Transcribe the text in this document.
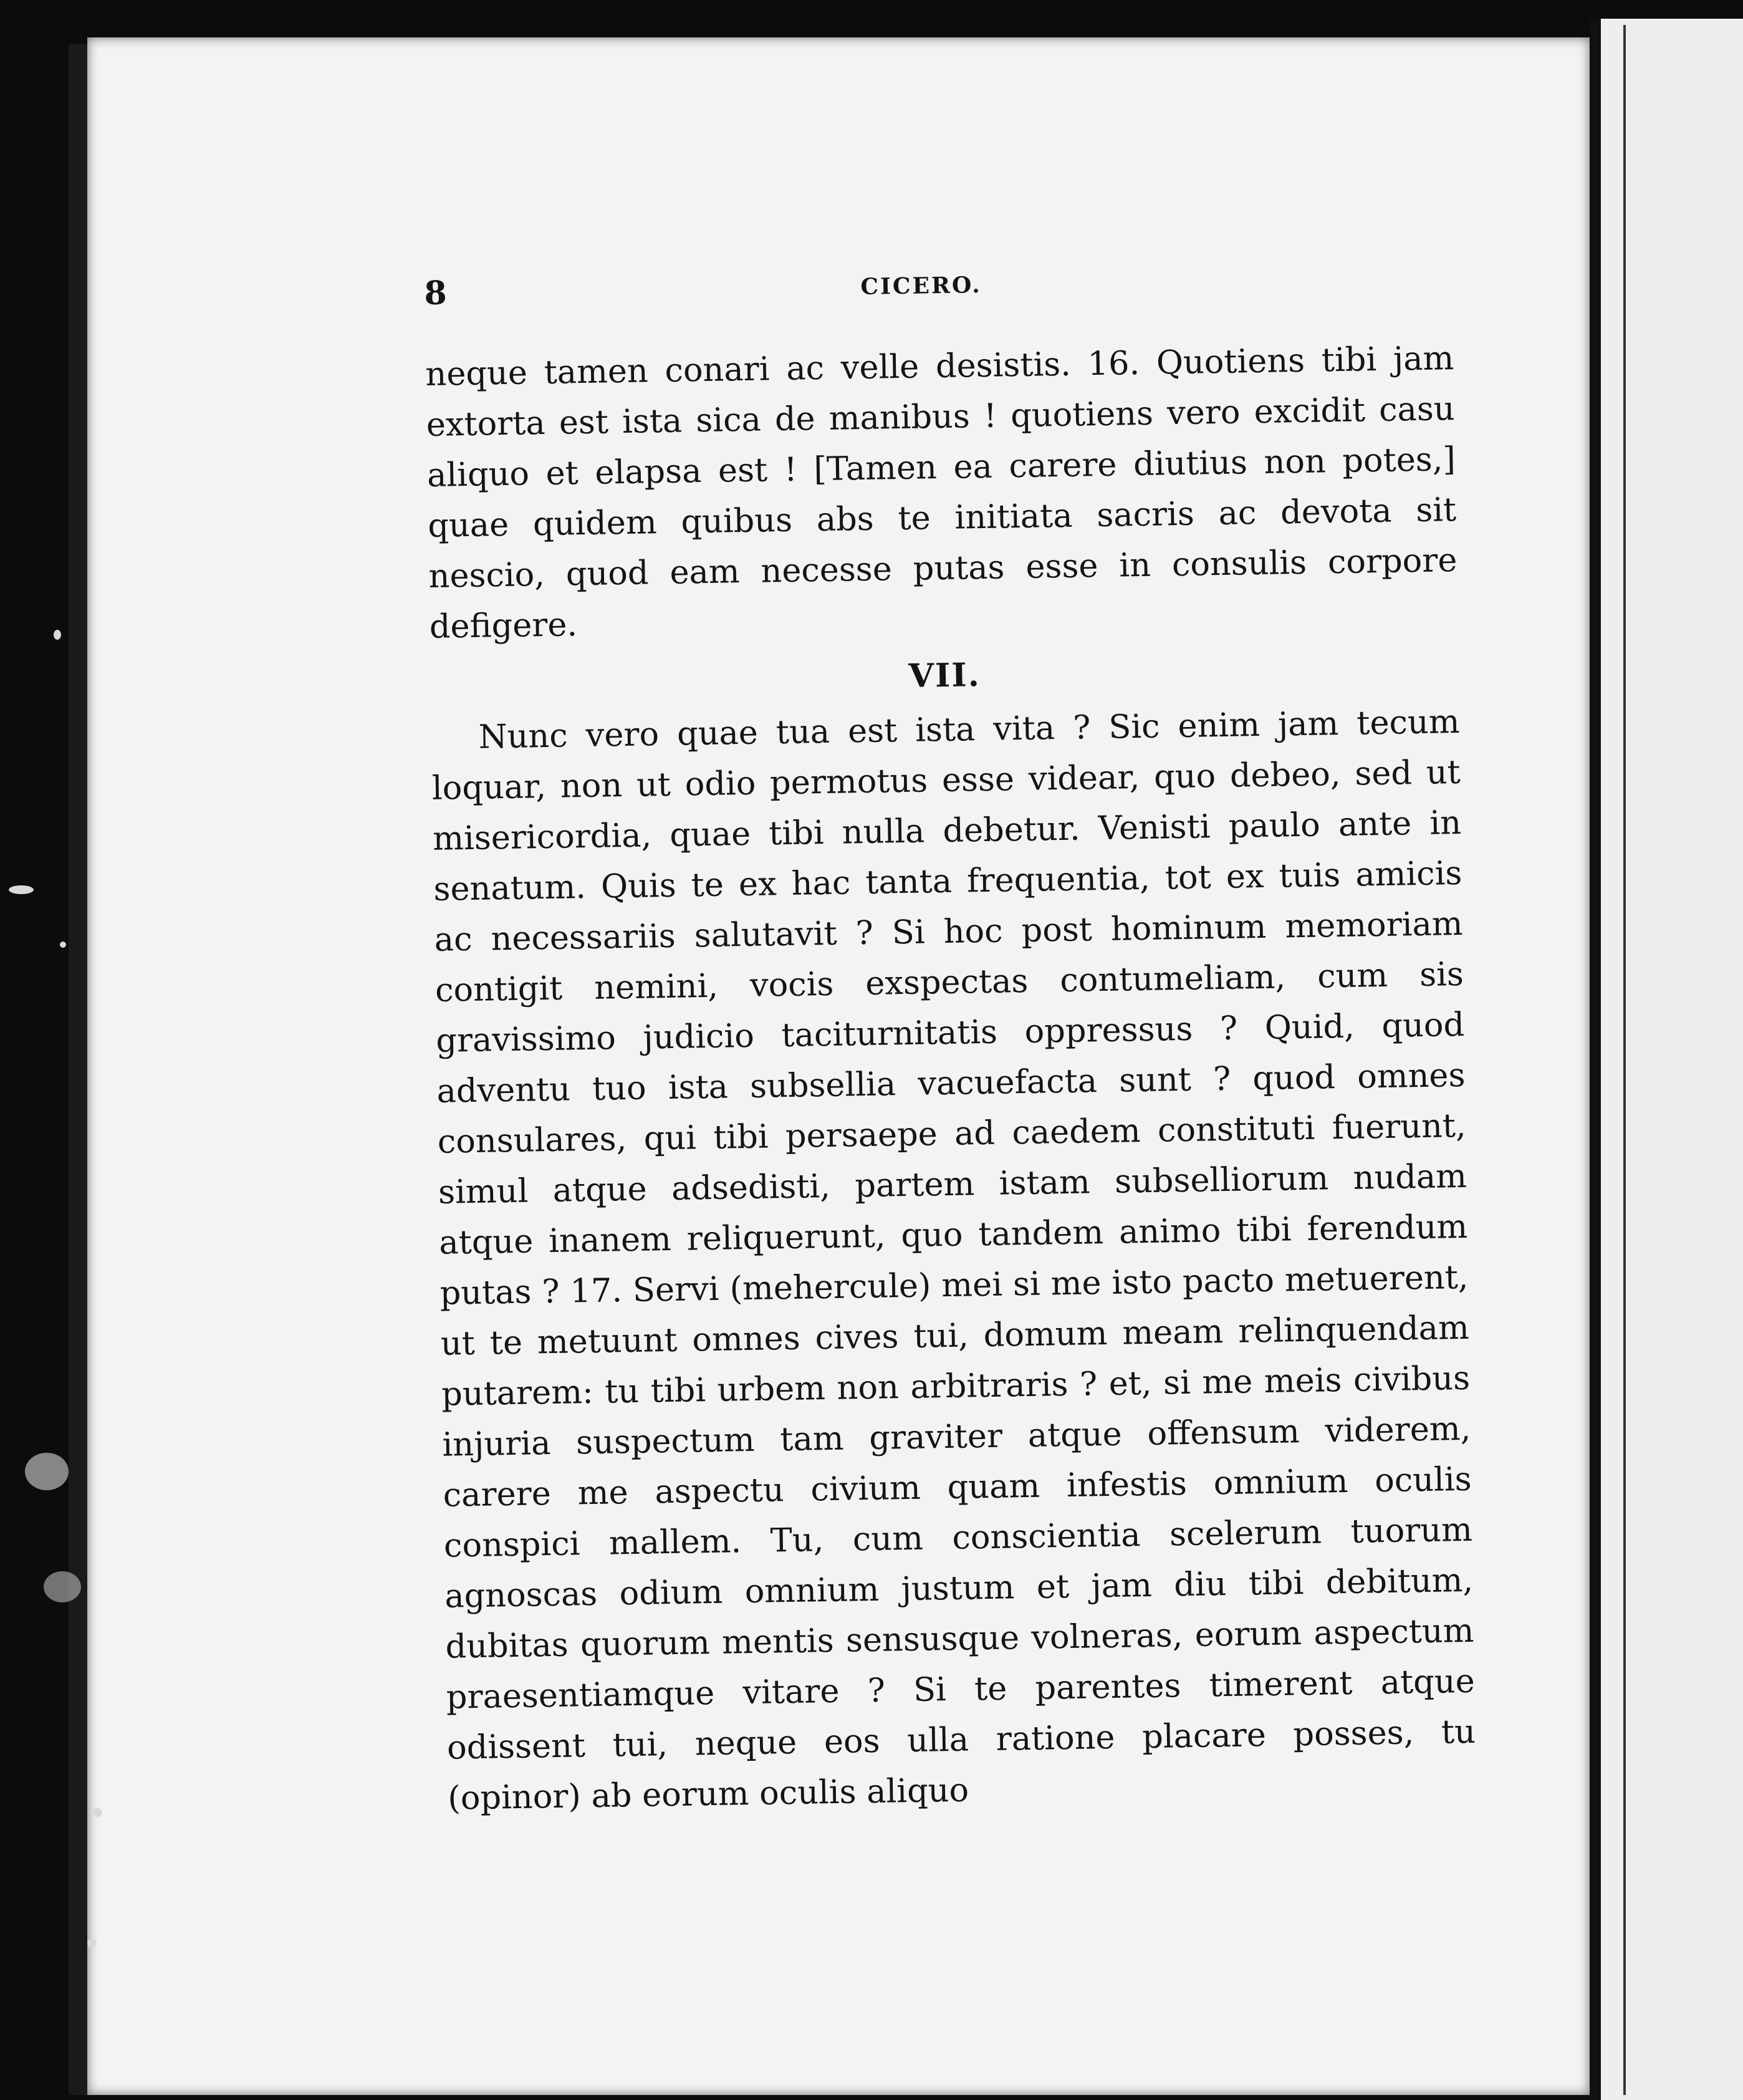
8	CICERO.

neque tamen conari ac velle desistis. 16. Quotiens tibi jam extorta est ista sica de manibus ! quotiens vero excidit casu aliquo et elapsa est ! [Tamen ea carere diutius non potes,] quae quidem quibus abs te initiata sacris ac devota sit nescio, quod eam necesse putas esse in consulis corpore defigere.

VII.

Nunc vero quae tua est ista vita ? Sic enim jam tecum loquar, non ut odio permotus esse videar, quo debeo, sed ut misericordia, quae tibi nulla debetur. Venisti paulo ante in senatum. Quis te ex hac tanta frequentia, tot ex tuis amicis ac necessariis salutavit ? Si hoc post hominum memoriam contigit nemini, vocis exspectas contumeliam, cum sis gravissimo judicio taciturnitatis oppressus ? Quid, quod adventu tuo ista subsellia vacuefacta sunt ? quod omnes consulares, qui tibi persaepe ad caedem constituti fuerunt, simul atque adsedisti, partem istam subselliorum nudam atque inanem reliquerunt, quo tandem animo tibi ferendum putas ? 17. Servi (mehercule) mei si me isto pacto metuerent, ut te metuunt omnes cives tui, domum meam relinquendam putarem: tu tibi urbem non arbitraris ? et, si me meis civibus injuria suspectum tam graviter atque offensum viderem, carere me aspectu civium quam infestis omnium oculis conspici mallem. Tu, cum conscientia scelerum tuorum agnoscas odium omnium justum et jam diu tibi debitum, dubitas quorum mentis sensusque volneras, eorum aspectum praesentiamque vitare ? Si te parentes timerent atque odissent tui, neque eos ulla ratione placare posses, tu (opinor) ab eorum oculis aliquo
